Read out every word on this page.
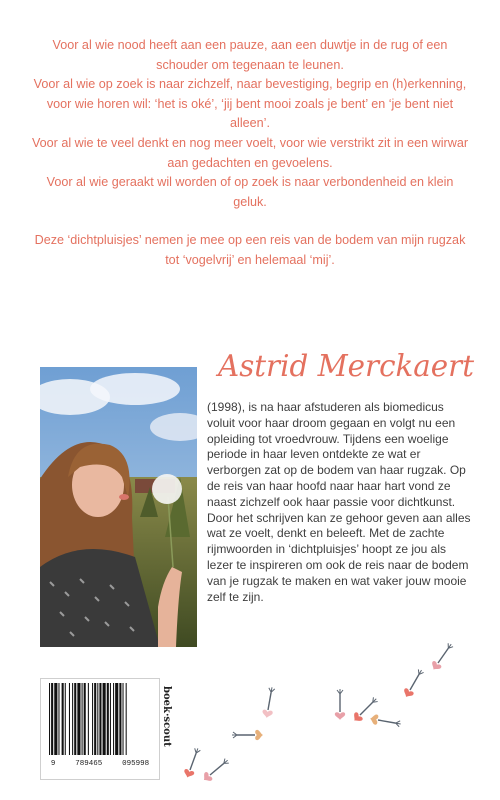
Voor al wie nood heeft aan een pauze, aan een duwtje in de rug of een schouder om tegenaan te leunen.

Voor al wie op zoek is naar zichzelf, naar bevestiging, begrip en (h)erkenning, voor wie horen wil: ‘het is oké’, ‘jij bent mooi zoals je bent’ en ‘je bent niet alleen’.

Voor al wie te veel denkt en nog meer voelt, voor wie verstrikt zit in een wirwar aan gedachten en gevoelens.

Voor al wie geraakt wil worden of op zoek is naar verbondenheid en klein geluk.

Deze ‘dichtpluisjes’ nemen je mee op een reis van de bodem van mijn rugzak tot ‘vogelvrij’ en helemaal ‘mij’.

Astrid Merckaert
(1998), is na haar afstuderen als biomedicus voluit voor haar droom gegaan en volgt nu een opleiding tot vroedvrouw. Tijdens een woelige periode in haar leven ontdekte ze wat er verborgen zat op de bodem van haar rugzak. Op de reis van haar hoofd naar haar hart vond ze naast zichzelf ook haar passie voor dichtkunst. Door het schrijven kan ze gehoor geven aan alles wat ze voelt, denkt en beleeft. Met de zachte rijmwoorden in ‘dichtpluisjes’ hoopt ze jou als lezer te inspireren om ook de reis naar de bodem van je rugzak te maken en wat vaker jouw mooie zelf te zijn.
9	789465	095998
boek·scout
